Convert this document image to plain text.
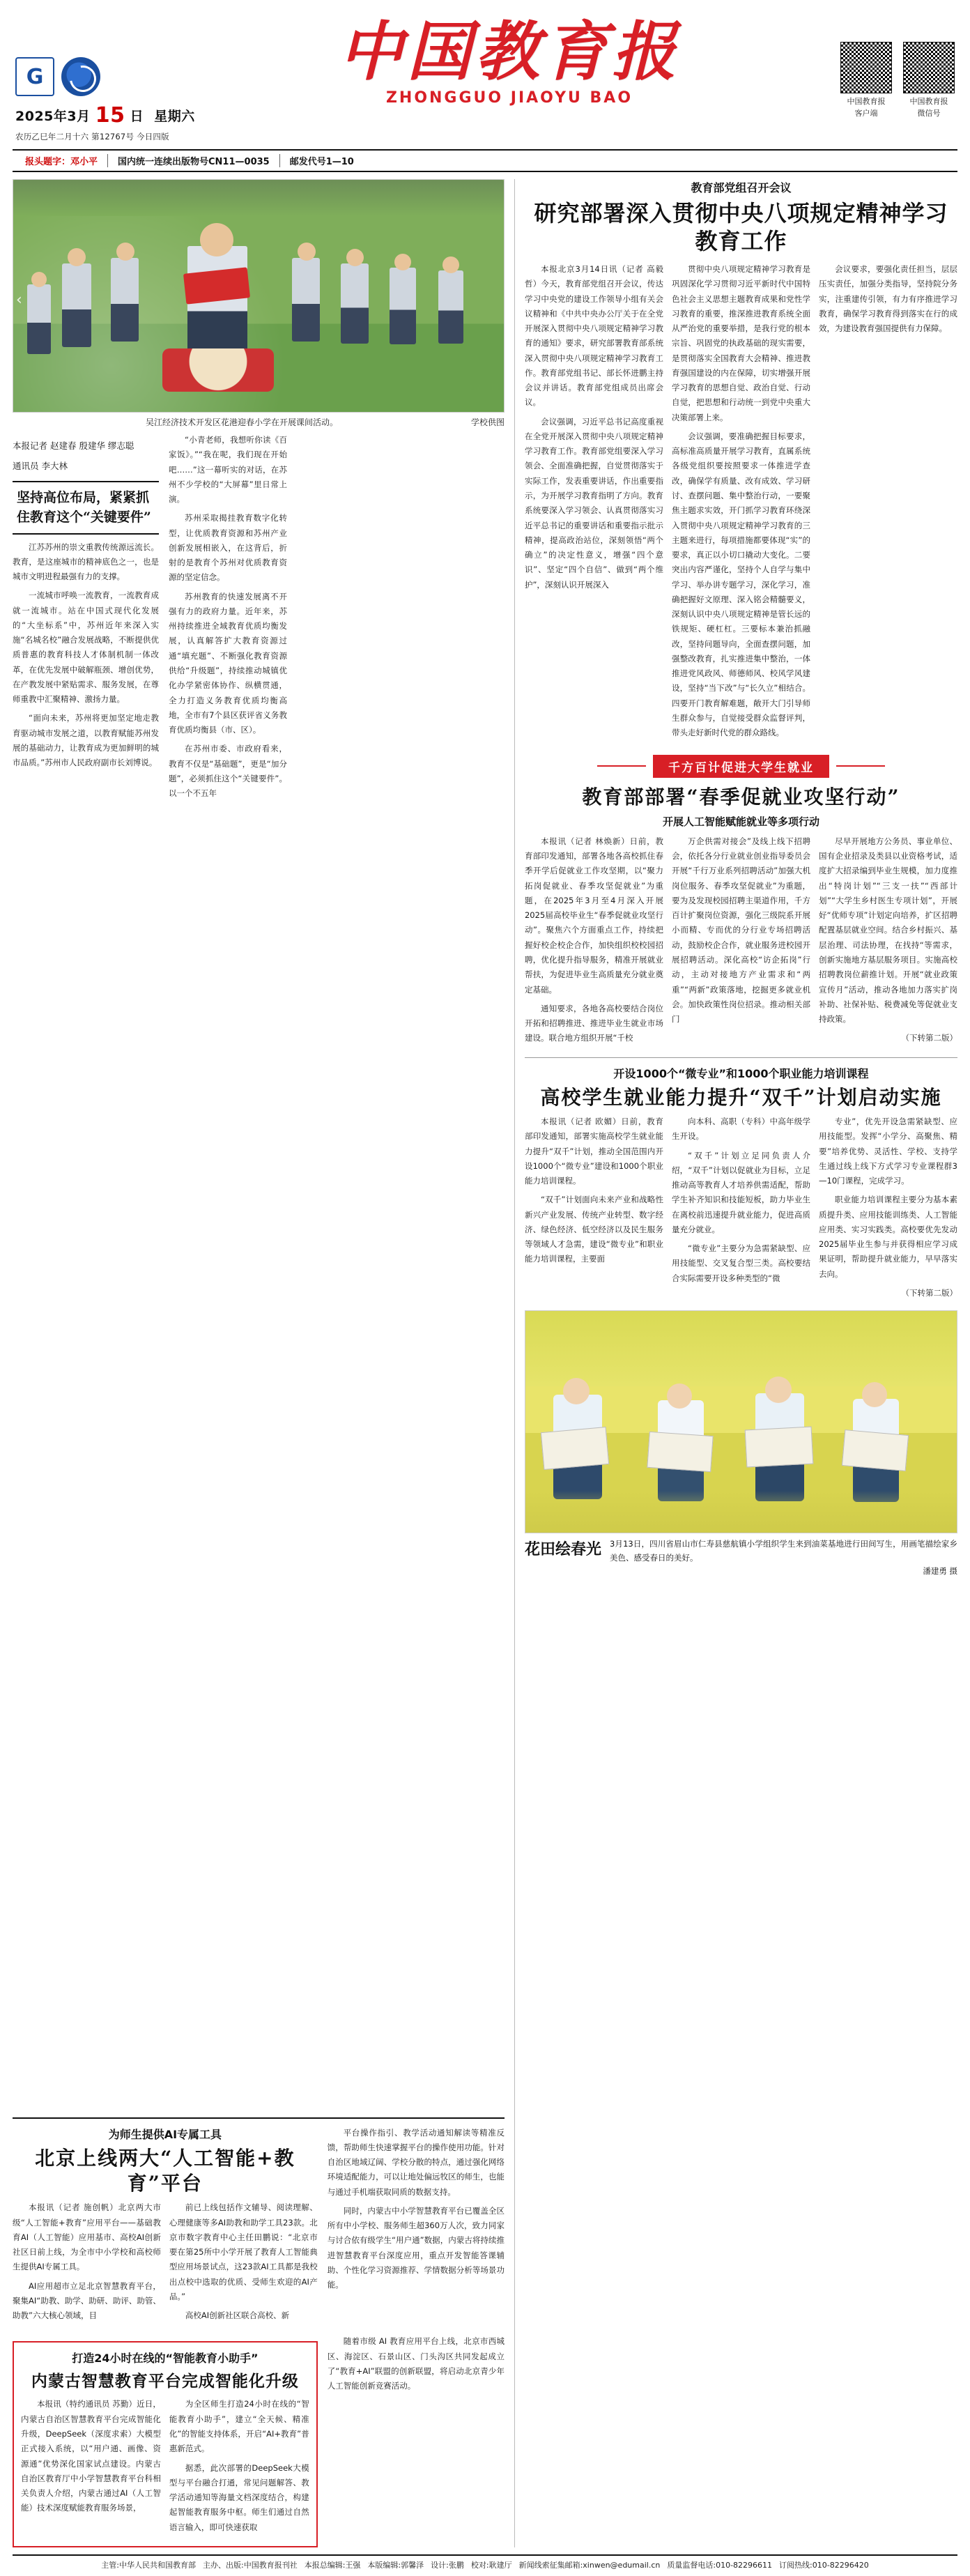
G
2025年3月 15 日 星期六
农历乙巳年二月十六 第12767号 今日四版
中国教育报
ZHONGGUO JIAOYU BAO	中国教育报
客户端
中国教育报
微信号
报头题字：邓小平	国内统一连续出版物号CN11—0035	邮发代号1—10
‹
吴江经济技术开发区花港迎春小学在开展课间活动。	学校供图
本报记者 赵建春 殷建华 缪志聪
通讯员 李大林
坚持高位布局，紧紧抓住教育这个“关键要件”

江苏苏州的崇文重教传统源远流长。教育，是这座城市的精神底色之一，也是城市文明进程最强有力的支撑。

一流城市呼唤一流教育，一流教育成就一流城市。站在中国式现代化发展的“大坐标系”中，苏州近年来深入实施“名城名校”融合发展战略，不断提供优质普惠的教育科技人才体制机制一体改革，在优先发展中破解瓶颈、增创优势，在产教发展中紧贴需求、服务发展，在尊师重教中汇聚精神、激扬力量。

“面向未来，苏州将更加坚定地走教育驱动城市发展之道，以教育赋能苏州发展的基础动力，让教育成为更加鲜明的城市品质。”苏州市人民政府副市长刘博说。

“小青老师，我想听你读《百家饭》。”“我在呢，我们现在开始吧……”这一幕听实的对话，在苏州不少学校的“大屏幕”里日常上演。

苏州采取揭挂教育数字化转型，让优质教育资源和苏州产业创新发展相嵌入，在这背后，折射的是教育个苏州对优质教育资源的坚定信念。

苏州教育的快速发展离不开强有力的政府力量。近年来，苏州持续推进全域教育优质均衡发展，认真解答扩大教育资源过通“填充题”、不断强化教育资源供给“升级题”，持续推动城镇优化办学紧密体协作、纵横贯通，全力打造义务教育优质均衡高地，全市有7个县区获评省义务教育优质均衡县（市、区）。

在苏州市委、市政府看来，教育不仅是“基础题”，更是“加分题”，必须抓住这个“关键要件”。以一个不五年

为师生提供AI专属工具
北京上线两大“人工智能+教育”平台

本报讯（记者 施创帆）北京两大市级“人工智能+教育”应用平台——基础教育AI（人工智能）应用基市、高校AI创新社区日前上线，为全市中小学校和高校师生提供AI专属工具。

AI应用超市立足北京智慧教育平台，聚集AI“助教、助学、助研、助评、助管、助教”六大核心领域，目

前已上线包括作文辅导、阅读理解、心理健康等多AI助教和助学工具23款。北京市数字教育中心主任田鹏说：“北京市要在第25所中小学开展了教育人工智能典型应用场景试点，这23款AI工具都是我校出点校中选取的优质、受师生欢迎的AI产品。”

高校AI创新社区联合高校、新

平台操作指引、教学活动通知解读等精准反馈，帮助师生快速掌握平台的操作使用功能。针对自治区地域辽阔、学校分散的特点，通过强化网络环境适配能力，可以让地处偏远牧区的师生，也能与通过手机端获取同质的数据支持。

同时，内蒙古中小学智慧教育平台已覆盖全区所有中小学校、服务师生超360万人次，致力同家与讨合依有级学生“用户通”数据，内蒙古将持续推进智慧教育平台深度应用，重点开发智能答课辅助、个性化学习资源推荐、学情数据分析等场景功能。

打造24小时在线的“智能教育小助手”
内蒙古智慧教育平台完成智能化升级

本报讯（特约通讯员 苏勤）近日，内蒙古自治区智慧教育平台完成智能化升级，DeepSeek（深度求索）大模型正式接入系统，以“用户通、画像、资源通”优势深化国家试点建设。内蒙古自治区教育厅中小学智慧教育平台科相关负责人介绍，内蒙古通过AI（人工智能）技术深度赋能教育服务场景，

为全区师生打造24小时在线的“智能教育小助手”，建立“全天候、精准化”的智能支持体系，开启“AI+教育”普惠新范式。

据悉，此次部署的DeepSeek大模型与平台融合打通，常见问题解答、教学活动通知等海量文档深度结合，构建起智能教育服务中枢。师生们通过自然语言输入，即可快速获取

随着市级 AI 教育应用平台上线，北京市西城区、海淀区、石景山区、门头沟区共同发起成立了“教育+AI”联盟的创新联盟，将启动北京青少年人工智能创新竞赛活动。

教育部党组召开会议
研究部署深入贯彻中央八项规定精神学习教育工作

本报北京3月14日讯（记者 高毅哲）今天，教育部党组召开会议，传达学习中央党的建设工作领导小组有关会议精神和《中共中央办公厅关于在全党开展深入贯彻中央八项规定精神学习教育的通知》要求，研究部署教育部系统深入贯彻中央八项规定精神学习教育工作。教育部党组书记、部长怀进鹏主持会议并讲话。教育部党组成员出席会议。

会议强调，习近平总书记高度重视在全党开展深入贯彻中央八项规定精神学习教育工作。教育部党组要深入学习领会、全面准确把握，自觉贯彻落实于实际工作，发表重要讲话，作出重要指示，为开展学习教育指明了方向。教育系统要深入学习领会、认真贯彻落实习近平总书记的重要讲话和重要指示批示精神，提高政治站位，深刻领悟“两个确立”的决定性意义，增强“四个意识”、坚定“四个自信”、做到“两个维护”，深刻认识开展深入

贯彻中央八项规定精神学习教育是巩固深化学习贯彻习近平新时代中国特色社会主义思想主题教育成果和党性学习教育的重要，推深推进教育系统全面从严治党的重要举措，是我行党的根本宗旨、巩固党的执政基础的现实需要，是贯彻落实全国教育大会精神、推进教育强国建设的内在保障，切实增强开展学习教育的思想自觉、政治自觉、行动自觉，把思想和行动统一到党中央重大决策部署上来。

会议强调，要准确把握目标要求，高标准高质量开展学习教育，直属系统各级党组织要按照要求一体推进学查改，确保学有质量、改有成效、学习研讨、查摆问题、集中整治行动，一要聚焦主题求实效，开门抓学习教育环绕深入贯彻中央八项规定精神学习教育的三主题来进行，每项措施都要体现“实”的要求，真正以小切口撬动大变化。二要突出内容严谨化，坚持个人自学与集中学习、举办讲专题学习，深化学习，准确把握好文原理、深入铭会精髓要义，深刻认识中央八项规定精神是管长远的铁规矩、硬杠杠。三要标本兼治抓融改，坚持问题导向，全面查摆问题，加强整改教育，扎实推进集中整治，一体推进党风政风、师德师风、校风学风建设，坚持“当下改”与“长久立”相结合。四要开门教育解难题，敞开大门引导师生群众参与，自觉接受群众监督评判，带头走好新时代党的群众路线。

会议要求，要强化责任担当，层层压实责任，加强分类指导，坚持院分务实，注重建传引领，有力有序推进学习教育，确保学习教育得到落实在行的成效，为建设教育强国提供有力保障。

千方百计促进大学生就业
教育部部署“春季促就业攻坚行动”
开展人工智能赋能就业等多项行动

本报讯（记者 林焕新）日前，教育部印发通知，部署各地各高校抓住春季开学后促就业工作攻坚期，以“聚力拓岗促就业、春季攻坚促就业”为重题，在2025年3月至4月深入开展2025届高校毕业生“春季促就业攻坚行动”。聚焦六个方面重点工作，持续把握好校企校企合作，加快组织校校园招聘，优化提升指导服务，精准开展就业帮扶，为促进毕业生高质量充分就业奠定基础。

通知要求，各地各高校要结合岗位开拓和招聘推进、推进毕业生就业市场建设。联合地方组织开展“千校

万企供需对接会”及线上线下招聘会，依托各分行业就业创业指导委员会开展“千行万业系列招聘活动”加强大机岗位服务、春季攻坚促就业”为重题，要为及发现校园招聘主渠道作用，千方百计扩聚岗位资源，强化三级院系开展小而精、专而优的分行业专场招聘活动，鼓励校企合作，就业服务进校园开展招聘活动。深化高校“访企拓岗”行动，主动对接地方产业需求和“两重”“两新”政策落地，挖掘更多就业机会。加快政策性岗位招录。推动相关部门

尽早开展地方公务员、事业单位、国有企业招录及类县以业资格考试，适度扩大招录编到毕业生规模，加力度推出“特岗计划”“三支一扶”“西部计划”“大学生乡村医生专项计划”，开展好“优师专项”计划定向培养，扩区招聘配置基层就业空间。结合乡村振兴、基层治理、司法协理，在找持“等需求，创新实施地方基层服务项目。实施高校招聘教岗位薪推计划。开展“就业政策宣传月”活动，推动各地加力落实扩岗补助、社保补贴、税费减免等促就业支持政策。

（下转第二版）

开设1000个“微专业”和1000个职业能力培训课程
高校学生就业能力提升“双千”计划启动实施

本报讯（记者 欧媚）日前，教育部印发通知，部署实施高校学生就业能力提升“双千”计划，推动全国范围内开设1000个“微专业”建设和1000个职业能力培训课程。

“双千”计划面向未来产业和战略性新兴产业发展、传统产业转型、数字经济、绿色经济、低空经济以及民生服务等领域人才急需，建设“微专业”和职业能力培训课程，主要面

向本科、高职（专科）中高年级学生开设。

“双千”计划立足同负责人介绍，“双千”计划以促就业为目标，立足推动高等教育人才培养供需适配，帮助学生补齐知识和技能短板，助力毕业生在离校前迅速提升就业能力，促进高质量充分就业。

“微专业”主要分为急需紧缺型、应用技能型、交叉复合型三类。高校要结合实际需要开设多种类型的“微

专业”，优先开设急需紧缺型、应用技能型。发挥“小学分、高聚焦、精要”培养优势、灵活性、学校、支持学生通过线上线下方式学习专业课程群3—10门课程，完成学习。

职业能力培训课程主要分为基本素质提升类、应用技能训练类、人工智能应用类、实习实践类。高校要优先发动2025届毕业生参与并获得相应学习成果证明，帮助提升就业能力，早早落实去向。

（下转第二版）

花田绘春光 3月13日，四川省眉山市仁寿县慈航镇小学组织学生来到油菜基地进行田间写生，用画笔描绘家乡美色、感受春日的美好。
潘建勇 摄
主管:中华人民共和国教育部 主办、出版:中国教育报刊社 本报总编辑:王强 本版编辑:郭馨泽 设计:张鹏 校对:耿建厅 新闻线索征集邮箱:xinwen@edumail.cn 质量监督电话:010-82296611 订阅热线:010-82296420
